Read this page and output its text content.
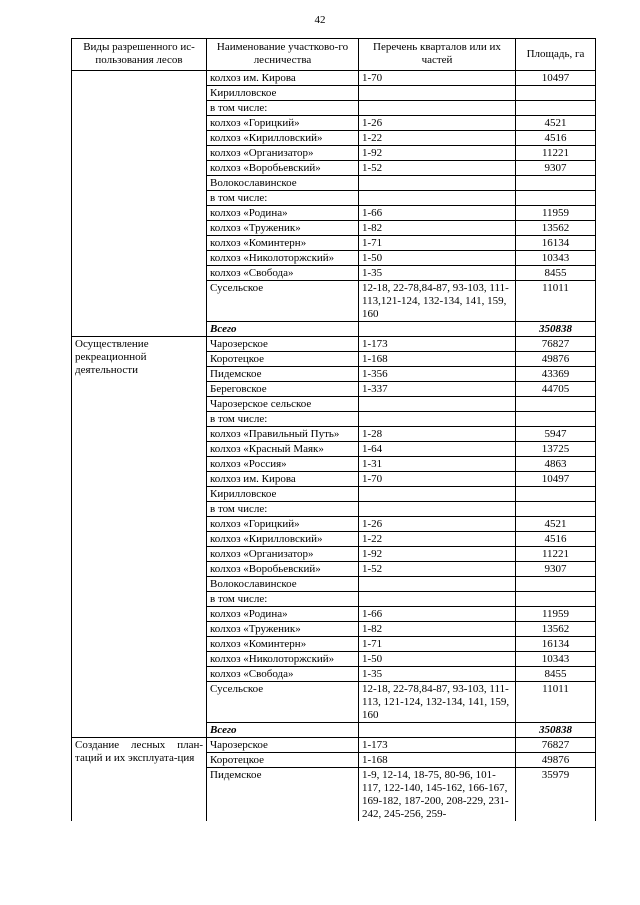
42
Виды разрешенного ис-пользования лесов	Наименование участково-го лесничества	Перечень кварталов или их частей	Площадь, га
	колхоз им. Кирова	1-70	10497
	Кирилловское		
	в том числе:		
	колхоз «Горицкий»	1-26	4521
	колхоз «Кирилловский»	1-22	4516
	колхоз «Организатор»	1-92	11221
	колхоз «Воробьевский»	1-52	9307
	Волокославинское		
	в том числе:		
	колхоз «Родина»	1-66	11959
	колхоз «Труженик»	1-82	13562
	колхоз «Коминтерн»	1-71	16134
	колхоз «Николоторжский»	1-50	10343
	колхоз «Свобода»	1-35	8455
	Сусельское	12-18, 22-78,84-87, 93-103, 111-113,121-124, 132-134, 141, 159, 160	11011
	Всего		350838
Осуществление рекреационной деятельности	Чарозерское	1-173	76827
	Коротецкое	1-168	49876
	Пидемское	1-356	43369
	Береговское	1-337	44705
	Чарозерское сельское		
	в том числе:		
	колхоз «Правильный Путь»	1-28	5947
	колхоз «Красный Маяк»	1-64	13725
	колхоз «Россия»	1-31	4863
	колхоз им. Кирова	1-70	10497
	Кирилловское		
	в том числе:		
	колхоз «Горицкий»	1-26	4521
	колхоз «Кирилловский»	1-22	4516
	колхоз «Организатор»	1-92	11221
	колхоз «Воробьевский»	1-52	9307
	Волокославинское		
	в том числе:		
	колхоз «Родина»	1-66	11959
	колхоз «Труженик»	1-82	13562
	колхоз «Коминтерн»	1-71	16134
	колхоз «Николоторжский»	1-50	10343
	колхоз «Свобода»	1-35	8455
	Сусельское	12-18, 22-78,84-87, 93-103, 111-113, 121-124, 132-134, 141, 159, 160	11011
	Всего		350838
Создание лесных план-таций и их эксплуата-ция	Чарозерское	1-173	76827
	Коротецкое	1-168	49876
	Пидемское	1-9, 12-14, 18-75, 80-96, 101-117, 122-140, 145-162, 166-167, 169-182, 187-200, 208-229, 231-242, 245-256, 259-	35979
